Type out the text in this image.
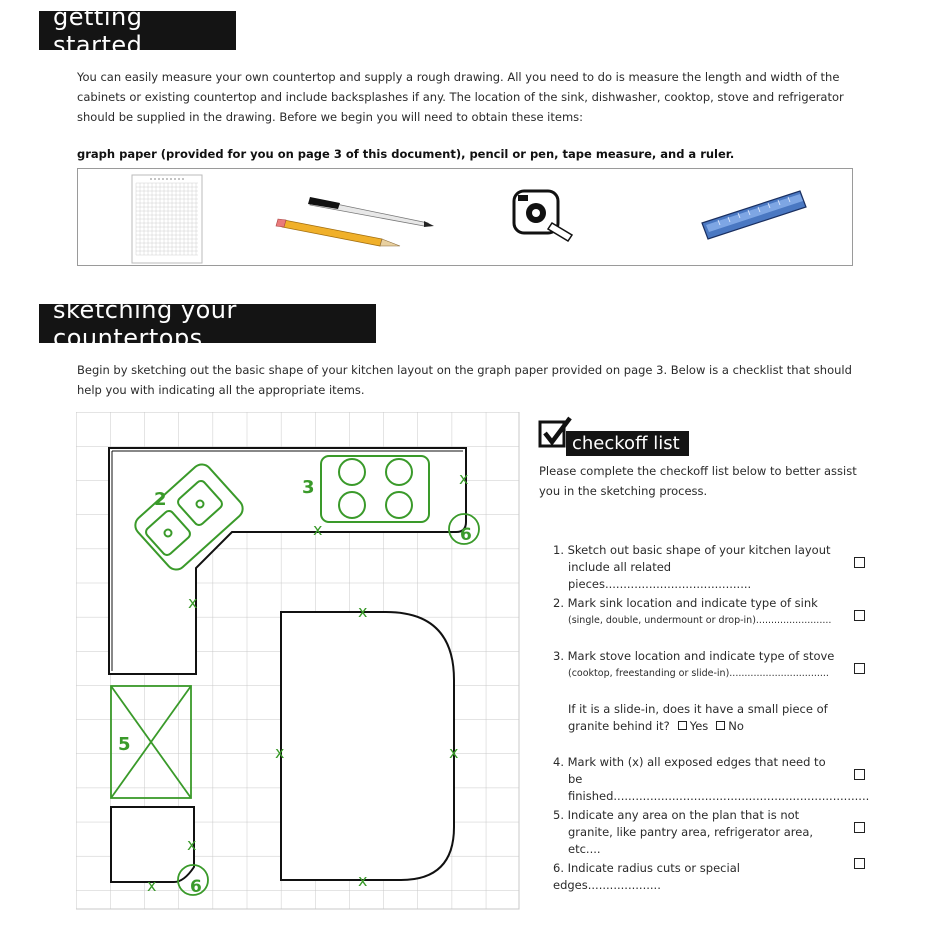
getting started
You can easily measure your own countertop and supply a rough drawing. All you need to do is measure the length and width of the
cabinets or existing countertop and include backsplashes if any. The location of the sink, dishwasher, cooktop, stove and refrigerator
should be supplied in the drawing. Before we begin you will need to obtain these items:
graph paper (provided for you on page 3 of this document), pencil or pen, tape measure, and a ruler.
sketching your countertops
Begin by sketching out the basic shape of your kitchen layout on the graph paper provided on page 3. Below is a checklist that should
help you with indicating all the appropriate items.
2
3
5
6
6
x
x
x	x
x	x
x
x
x
checkoff list
Please complete the checkoff list below to better assist
you in the sketching process.
1. Sketch out basic shape of your kitchen layout
include all related pieces........................................
2. Mark sink location and indicate type of sink
(single, double, undermount or drop-in).........................
3. Mark stove location and indicate type of stove
(cooktop, freestanding or slide-in).................................
If it is a slide-in, does it have a small piece of
granite behind it? Yes No
4. Mark with (x) all exposed edges that need to
be finished......................................................................
5. Indicate any area on the plan that is not
granite, like pantry area, refrigerator area, etc....
6. Indicate radius cuts or special edges....................
